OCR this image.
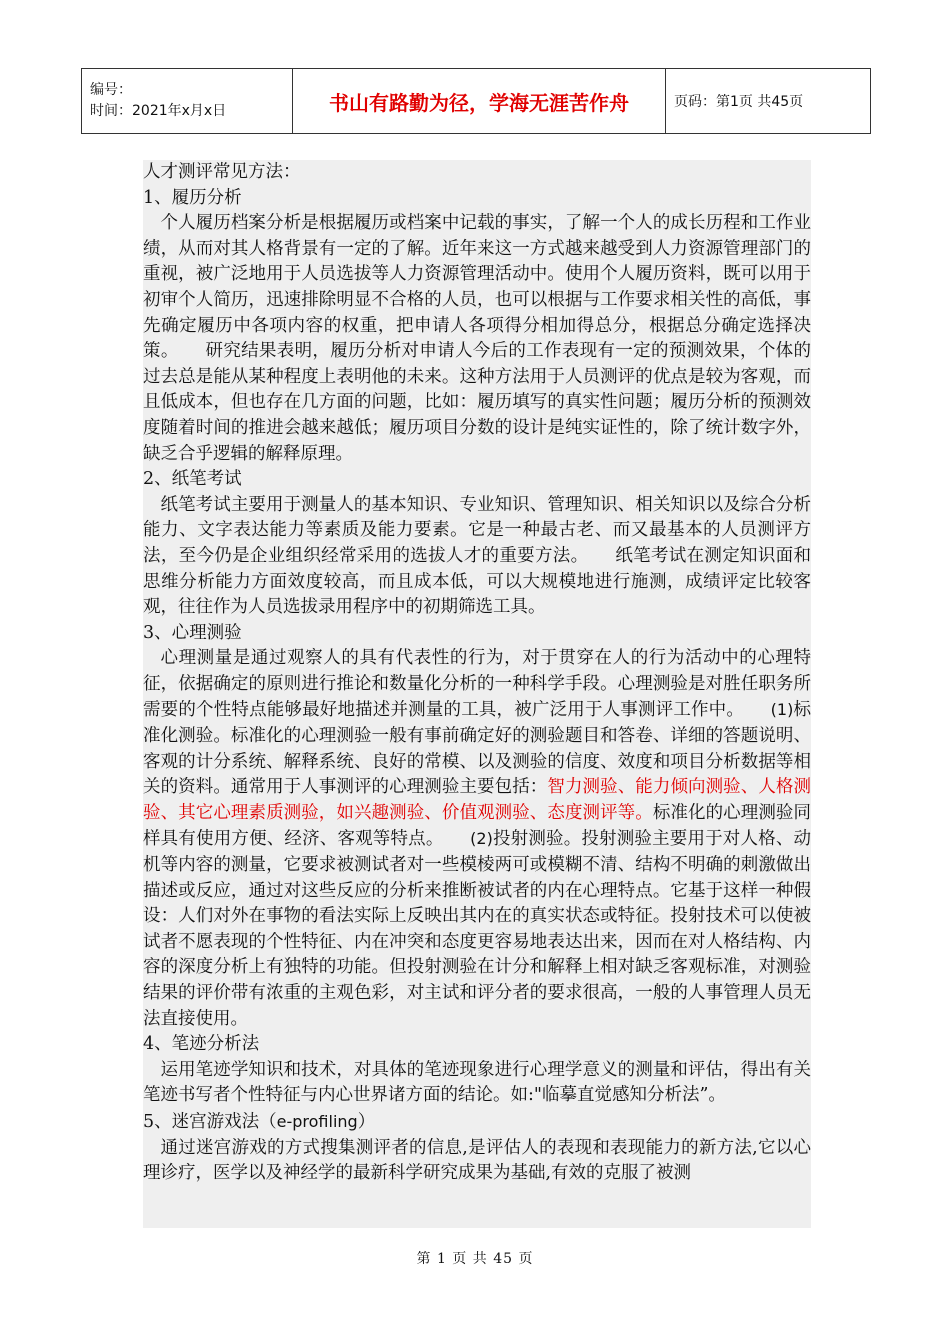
编号：
时间：2021年x月x日	书山有路勤为径，学海无涯苦作舟	页码：第1页 共45页

人才测评常见方法：

1、履历分析

个人履历档案分析是根据履历或档案中记载的事实，了解一个人的成长历程和工作业绩，从而对其人格背景有一定的了解。近年来这一方式越来越受到人力资源管理部门的重视，被广泛地用于人员选拔等人力资源管理活动中。使用个人履历资料，既可以用于初审个人简历，迅速排除明显不合格的人员，也可以根据与工作要求相关性的高低，事先确定履历中各项内容的权重，把申请人各项得分相加得总分，根据总分确定选择决策。　　研究结果表明，履历分析对申请人今后的工作表现有一定的预测效果，个体的过去总是能从某种程度上表明他的未来。这种方法用于人员测评的优点是较为客观，而且低成本，但也存在几方面的问题，比如：履历填写的真实性问题；履历分析的预测效度随着时间的推进会越来越低；履历项目分数的设计是纯实证性的，除了统计数字外，缺乏合乎逻辑的解释原理。

2、纸笔考试

纸笔考试主要用于测量人的基本知识、专业知识、管理知识、相关知识以及综合分析能力、文字表达能力等素质及能力要素。它是一种最古老、而又最基本的人员测评方法，至今仍是企业组织经常采用的选拔人才的重要方法。　　纸笔考试在测定知识面和思维分析能力方面效度较高，而且成本低，可以大规模地进行施测，成绩评定比较客观，往往作为人员选拔录用程序中的初期筛选工具。

3、心理测验

心理测量是通过观察人的具有代表性的行为，对于贯穿在人的行为活动中的心理特征，依据确定的原则进行推论和数量化分析的一种科学手段。心理测验是对胜任职务所需要的个性特点能够最好地描述并测量的工具，被广泛用于人事测评工作中。　　(1)标准化测验。标准化的心理测验一般有事前确定好的测验题目和答卷、详细的答题说明、客观的计分系统、解释系统、良好的常模、以及测验的信度、效度和项目分析数据等相关的资料。通常用于人事测评的心理测验主要包括：智力测验、能力倾向测验、人格测验、其它心理素质测验，如兴趣测验、价值观测验、态度测评等。标准化的心理测验同样具有使用方便、经济、客观等特点。　　(2)投射测验。投射测验主要用于对人格、动机等内容的测量，它要求被测试者对一些模棱两可或模糊不清、结构不明确的刺激做出描述或反应，通过对这些反应的分析来推断被试者的内在心理特点。它基于这样一种假设：人们对外在事物的看法实际上反映出其内在的真实状态或特征。投射技术可以使被试者不愿表现的个性特征、内在冲突和态度更容易地表达出来，因而在对人格结构、内容的深度分析上有独特的功能。但投射测验在计分和解释上相对缺乏客观标准，对测验结果的评价带有浓重的主观色彩，对主试和评分者的要求很高，一般的人事管理人员无法直接使用。

4、笔迹分析法

运用笔迹学知识和技术，对具体的笔迹现象进行心理学意义的测量和评估，得出有关笔迹书写者个性特征与内心世界诸方面的结论。如:"临摹直觉感知分析法”。

5、迷宫游戏法（e-profiling）

通过迷宫游戏的方式搜集测评者的信息,是评估人的表现和表现能力的新方法,它以心理诊疗，医学以及神经学的最新科学研究成果为基础,有效的克服了被测

第 1 页 共 45 页
